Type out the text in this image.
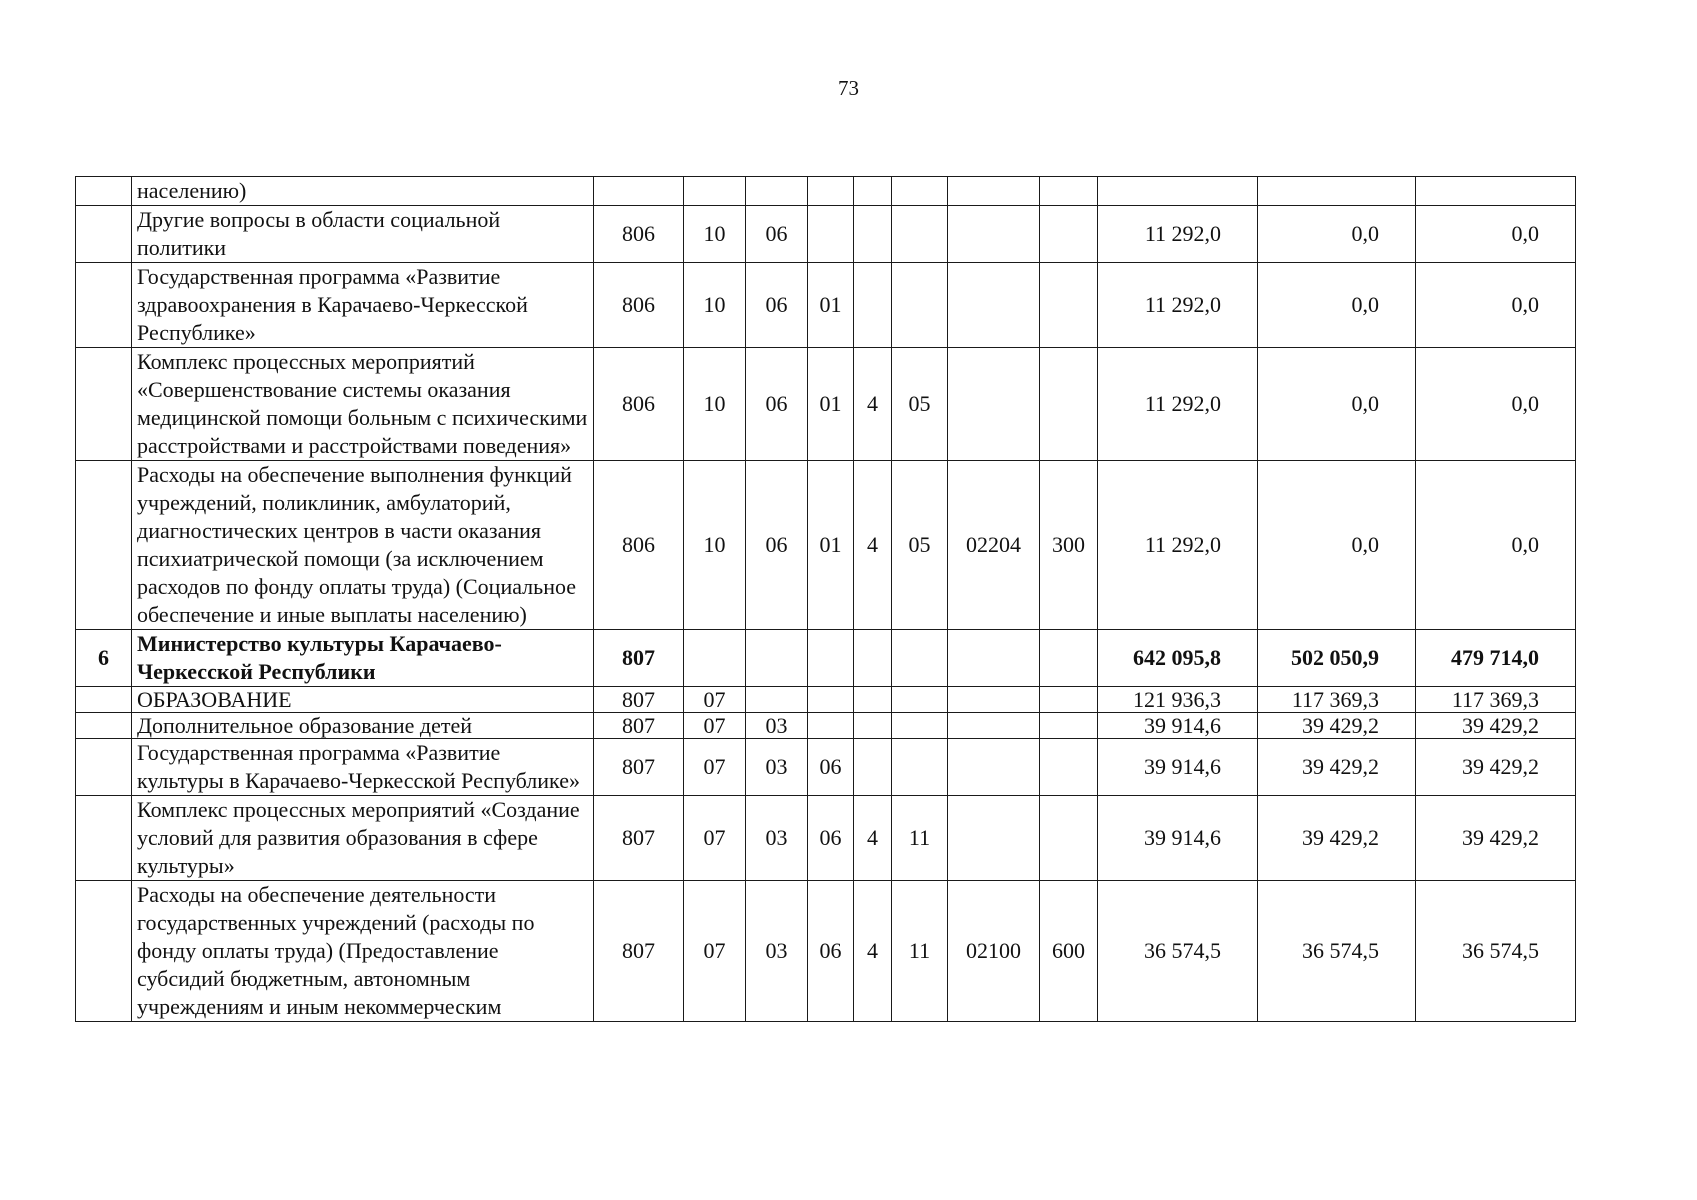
73
	населению)											
	Другие вопросы в области социальной политики	806	10	06						11 292,0	0,0	0,0
	Государственная программа «Развитие здравоохранения в Карачаево-Черкесской Республике»	806	10	06	01					11 292,0	0,0	0,0
	Комплекс процессных мероприятий «Совершенствование системы оказания медицинской помощи больным с психическими расстройствами и расстройствами поведения»	806	10	06	01	4	05			11 292,0	0,0	0,0
	Расходы на обеспечение выполнения функций учреждений, поликлиник, амбулаторий, диагностических центров в части оказания психиатрической помощи (за исключением расходов по фонду оплаты труда) (Социальное обеспечение и иные выплаты населению)	806	10	06	01	4	05	02204	300	11 292,0	0,0	0,0
6	Министерство культуры Карачаево-Черкесской Республики	807								642 095,8	502 050,9	479 714,0
	ОБРАЗОВАНИЕ	807	07							121 936,3	117 369,3	117 369,3
	Дополнительное образование детей	807	07	03						39 914,6	39 429,2	39 429,2
	Государственная программа «Развитие культуры в Карачаево-Черкесской Республике»	807	07	03	06					39 914,6	39 429,2	39 429,2
	Комплекс процессных мероприятий «Создание условий для развития образования в сфере культуры»	807	07	03	06	4	11			39 914,6	39 429,2	39 429,2
	Расходы на обеспечение деятельности государственных учреждений (расходы по фонду оплаты труда) (Предоставление субсидий бюджетным, автономным учреждениям и иным некоммерческим	807	07	03	06	4	11	02100	600	36 574,5	36 574,5	36 574,5
